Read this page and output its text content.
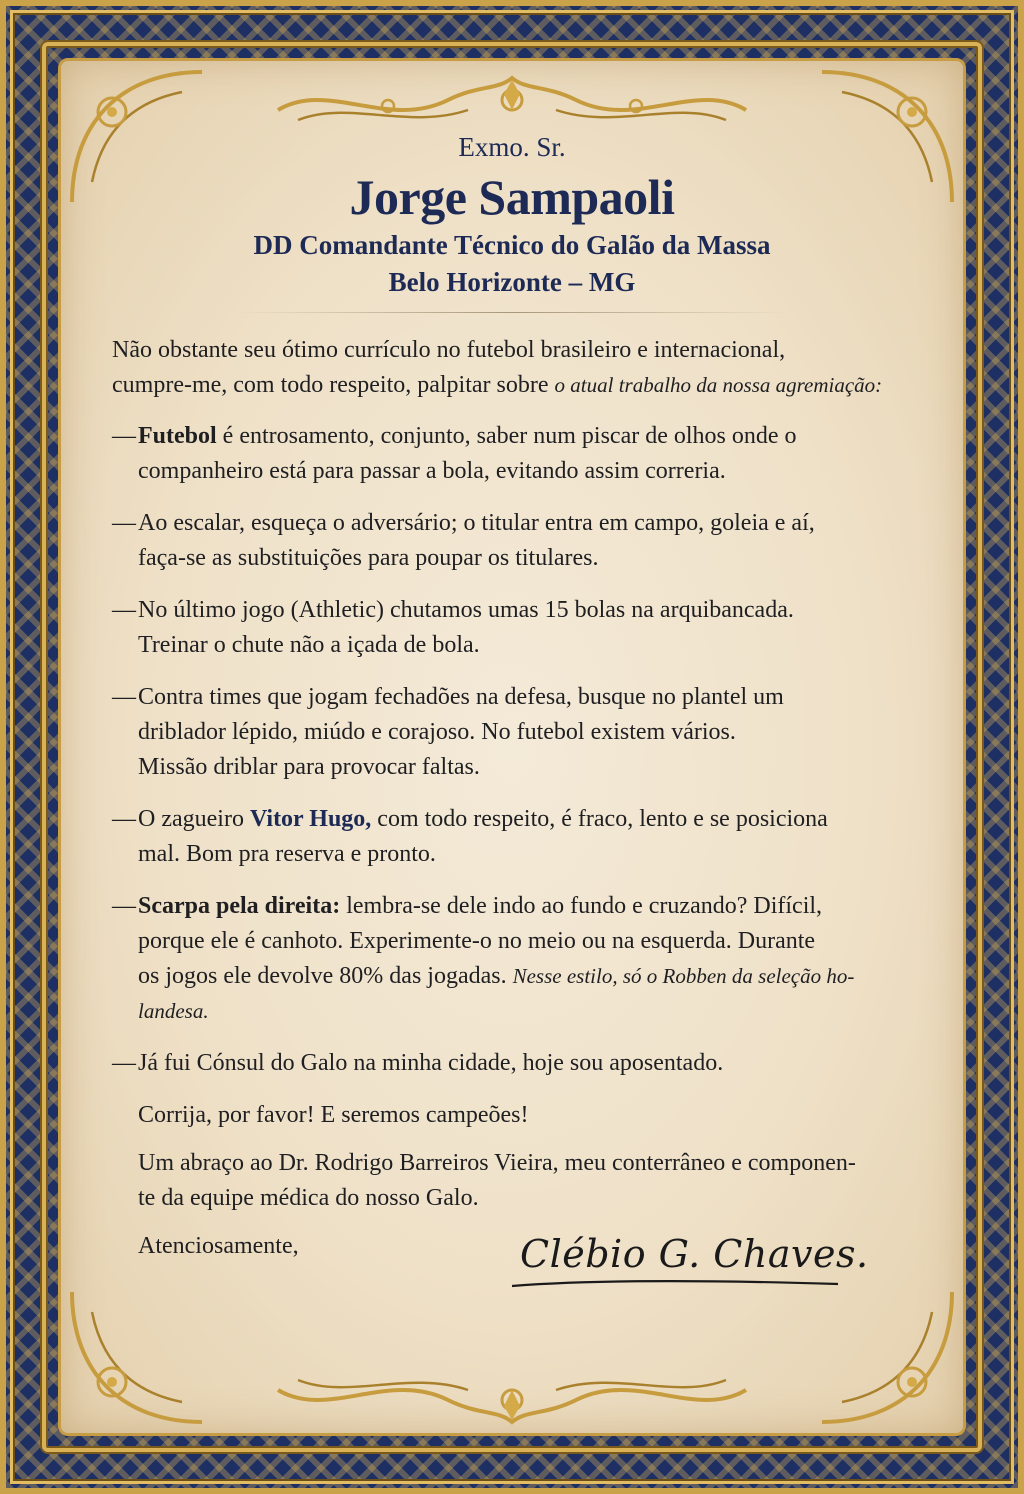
Exmo. Sr.
Jorge Sampaoli
DD Comandante Técnico do Galão da Massa
Belo Horizonte – MG
Não obstante seu ótimo currículo no futebol brasileiro e internacional,
cumpre-me, com todo respeito, palpitar sobre o atual trabalho da nossa agremiação:
— Futebol é entrosamento, conjunto, saber num piscar de olhos onde o
companheiro está para passar a bola, evitando assim correria.
— Ao escalar, esqueça o adversário; o titular entra em campo, goleia e aí,
faça-se as substituições para poupar os titulares.
— No último jogo (Athletic) chutamos umas 15 bolas na arquibancada.
Treinar o chute não a içada de bola.
— Contra times que jogam fechadões na defesa, busque no plantel um
driblador lépido, miúdo e corajoso. No futebol existem vários.
Missão driblar para provocar faltas.
— O zagueiro Vitor Hugo, com todo respeito, é fraco, lento e se posiciona
mal. Bom pra reserva e pronto.
— Scarpa pela direita: lembra-se dele indo ao fundo e cruzando? Difícil,
porque ele é canhoto. Experimente-o no meio ou na esquerda. Durante
os jogos ele devolve 80% das jogadas. Nesse estilo, só o Robben da seleção ho-
landesa.
— Já fui Cónsul do Galo na minha cidade, hoje sou aposentado.
Corrija, por favor! E seremos campeões!
Um abraço ao Dr. Rodrigo Barreiros Vieira, meu conterrâneo e componen-
te da equipe médica do nosso Galo.
Atenciosamente,	Clébio G. Chaves.
